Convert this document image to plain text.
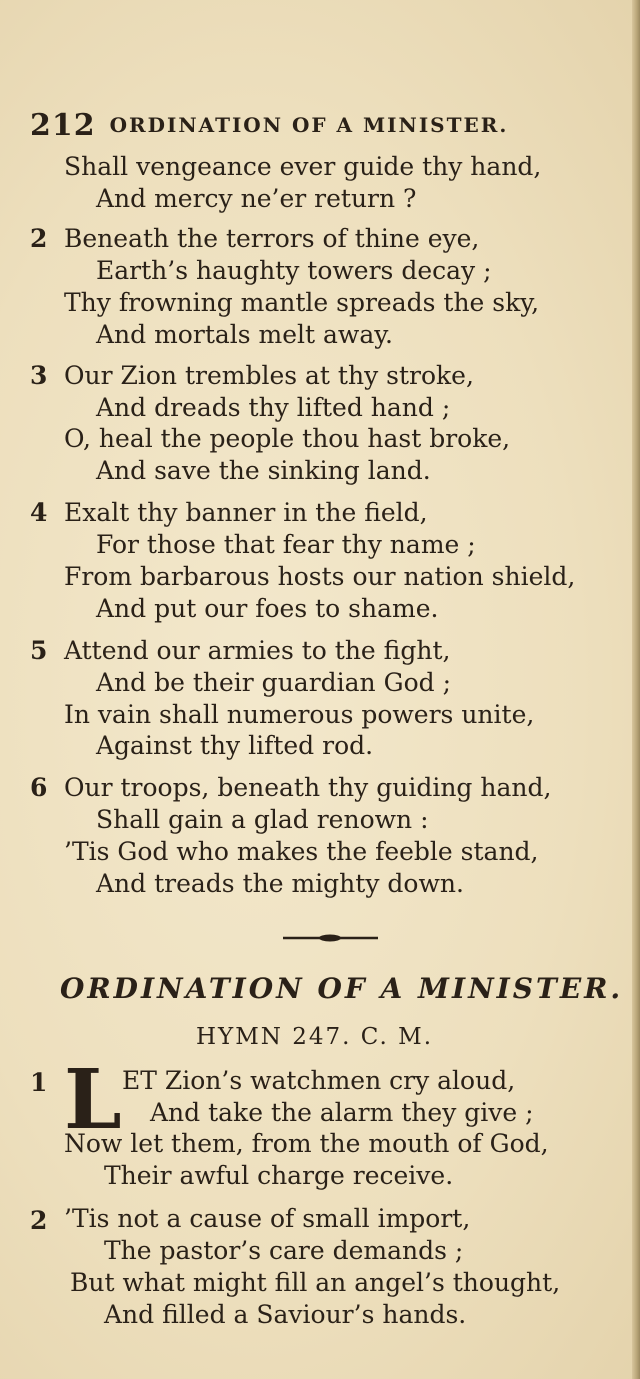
212 ORDINATION OF A MINISTER.
Shall vengeance ever guide thy hand,
And mercy ne’er return ?
2 Beneath the terrors of thine eye,
Earth’s haughty towers decay ;
Thy frowning mantle spreads the sky,
And mortals melt away.
3 Our Zion trembles at thy stroke,
And dreads thy lifted hand ;
O, heal the people thou hast broke,
And save the sinking land.
4 Exalt thy banner in the field,
For those that fear thy name ;
From barbarous hosts our nation shield,
And put our foes to shame.
5 Attend our armies to the fight,
And be their guardian God ;
In vain shall numerous powers unite,
Against thy lifted rod.
6 Our troops, beneath thy guiding hand,
Shall gain a glad renown :
’Tis God who makes the feeble stand,
And treads the mighty down.
ORDINATION OF A MINISTER.
HYMN 247. C. M.
1 L ET Zion’s watchmen cry aloud,
And take the alarm they give ;
Now let them, from the mouth of God,
Their awful charge receive.
2 ’Tis not a cause of small import,
The pastor’s care demands ;
But what might fill an angel’s thought,
And filled a Saviour’s hands.
